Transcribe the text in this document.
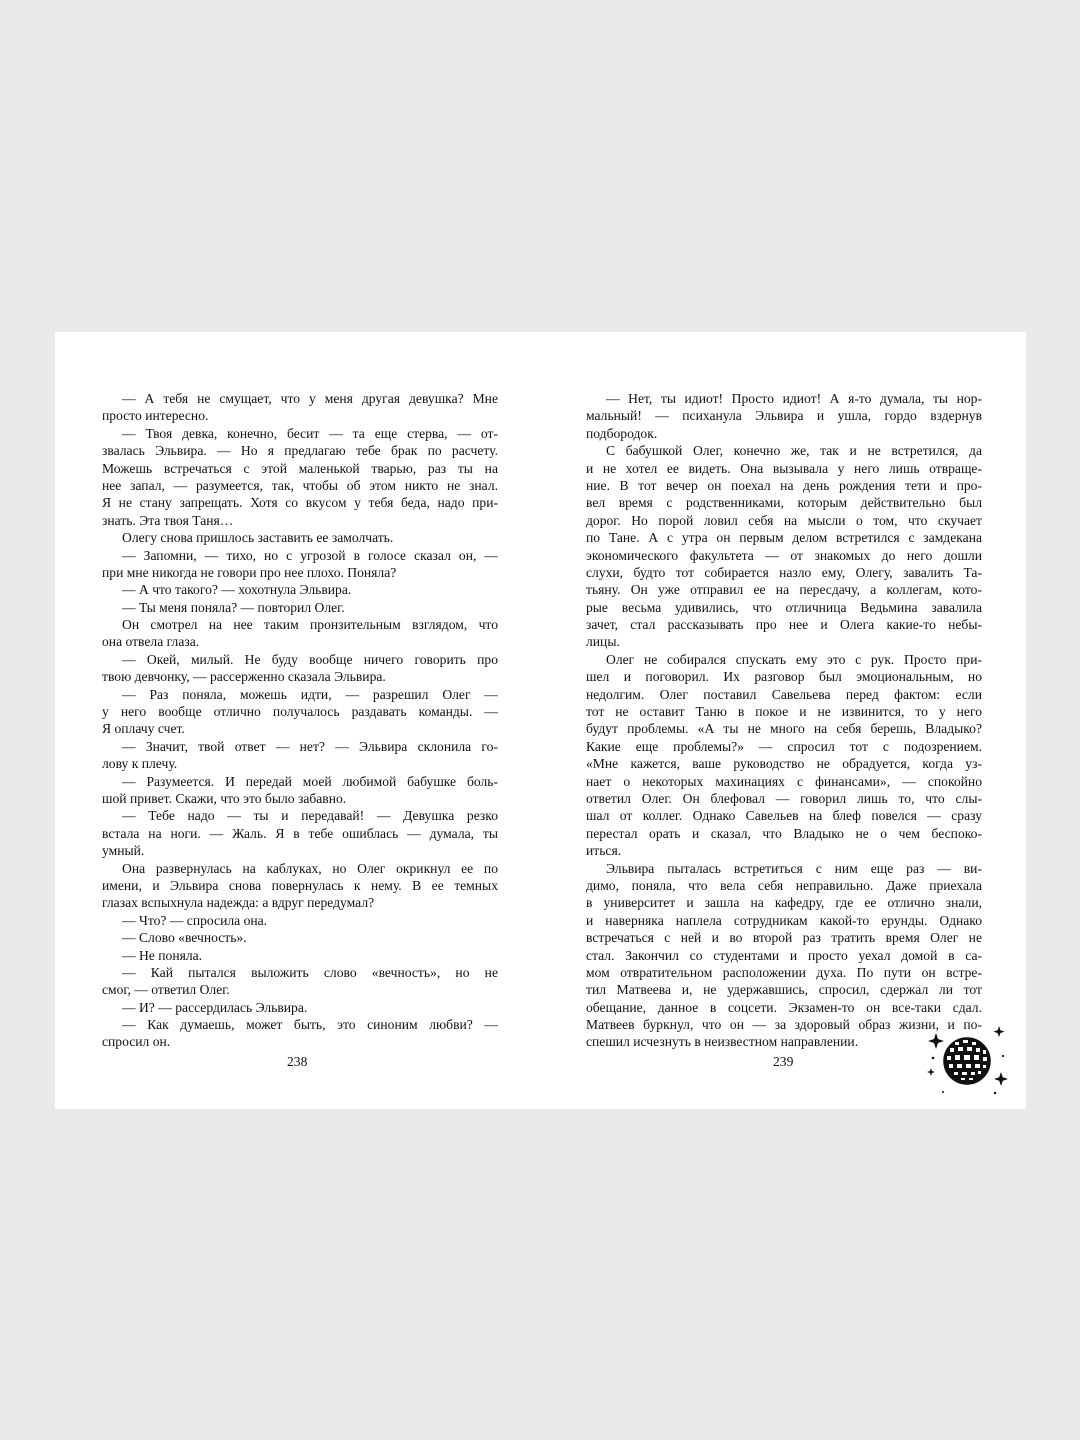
— А тебя не смущает, что у меня другая девушка? Мне
просто интересно.
— Твоя девка, конечно, бесит — та еще стерва, — от-
звалась Эльвира. — Но я предлагаю тебе брак по расчету.
Можешь встречаться с этой маленькой тварью, раз ты на
нее запал, — разумеется, так, чтобы об этом никто не знал.
Я не стану запрещать. Хотя со вкусом у тебя беда, надо при-
знать. Эта твоя Таня…
Олегу снова пришлось заставить ее замолчать.
— Запомни, — тихо, но с угрозой в голосе сказал он, —
при мне никогда не говори про нее плохо. Поняла?
— А что такого? — хохотнула Эльвира.
— Ты меня поняла? — повторил Олег.
Он смотрел на нее таким пронзительным взглядом, что
она отвела глаза.
— Окей, милый. Не буду вообще ничего говорить про
твою девчонку, — рассерженно сказала Эльвира.
— Раз поняла, можешь идти, — разрешил Олег —
у него вообще отлично получалось раздавать команды. —
Я оплачу счет.
— Значит, твой ответ — нет? — Эльвира склонила го-
лову к плечу.
— Разумеется. И передай моей любимой бабушке боль-
шой привет. Скажи, что это было забавно.
— Тебе надо — ты и передавай! — Девушка резко
встала на ноги. — Жаль. Я в тебе ошиблась — думала, ты
умный.
Она развернулась на каблуках, но Олег окрикнул ее по
имени, и Эльвира снова повернулась к нему. В ее темных
глазах вспыхнула надежда: а вдруг передумал?
— Что? — спросила она.
— Слово «вечность».
— Не поняла.
— Кай пытался выложить слово «вечность», но не
смог, — ответил Олег.
— И? — рассердилась Эльвира.
— Как думаешь, может быть, это синоним любви? —
спросил он.
— Нет, ты идиот! Просто идиот! А я-то думала, ты нор-
мальный! — психанула Эльвира и ушла, гордо вздернув
подбородок.
С бабушкой Олег, конечно же, так и не встретился, да
и не хотел ее видеть. Она вызывала у него лишь отвраще-
ние. В тот вечер он поехал на день рождения тети и про-
вел время с родственниками, которым действительно был
дорог. Но порой ловил себя на мысли о том, что скучает
по Тане. А с утра он первым делом встретился с замдекана
экономического факультета — от знакомых до него дошли
слухи, будто тот собирается назло ему, Олегу, завалить Та-
тьяну. Он уже отправил ее на пересдачу, а коллегам, кото-
рые весьма удивились, что отличница Ведьмина завалила
зачет, стал рассказывать про нее и Олега какие-то небы-
лицы.
Олег не собирался спускать ему это с рук. Просто при-
шел и поговорил. Их разговор был эмоциональным, но
недолгим. Олег поставил Савельева перед фактом: если
тот не оставит Таню в покое и не извинится, то у него
будут проблемы. «А ты не много на себя берешь, Владыко?
Какие еще проблемы?» — спросил тот с подозрением.
«Мне кажется, ваше руководство не обрадуется, когда уз-
нает о некоторых махинациях с финансами», — спокойно
ответил Олег. Он блефовал — говорил лишь то, что слы-
шал от коллег. Однако Савельев на блеф повелся — сразу
перестал орать и сказал, что Владыко не о чем беспоко-
иться.
Эльвира пыталась встретиться с ним еще раз — ви-
димо, поняла, что вела себя неправильно. Даже приехала
в университет и зашла на кафедру, где ее отлично знали,
и наверняка наплела сотрудникам какой-то ерунды. Однако
встречаться с ней и во второй раз тратить время Олег не
стал. Закончил со студентами и просто уехал домой в са-
мом отвратительном расположении духа. По пути он встре-
тил Матвеева и, не удержавшись, спросил, сдержал ли тот
обещание, данное в соцсети. Экзамен-то он все-таки сдал.
Матвеев буркнул, что он — за здоровый образ жизни, и по-
спешил исчезнуть в неизвестном направлении.
238	239
